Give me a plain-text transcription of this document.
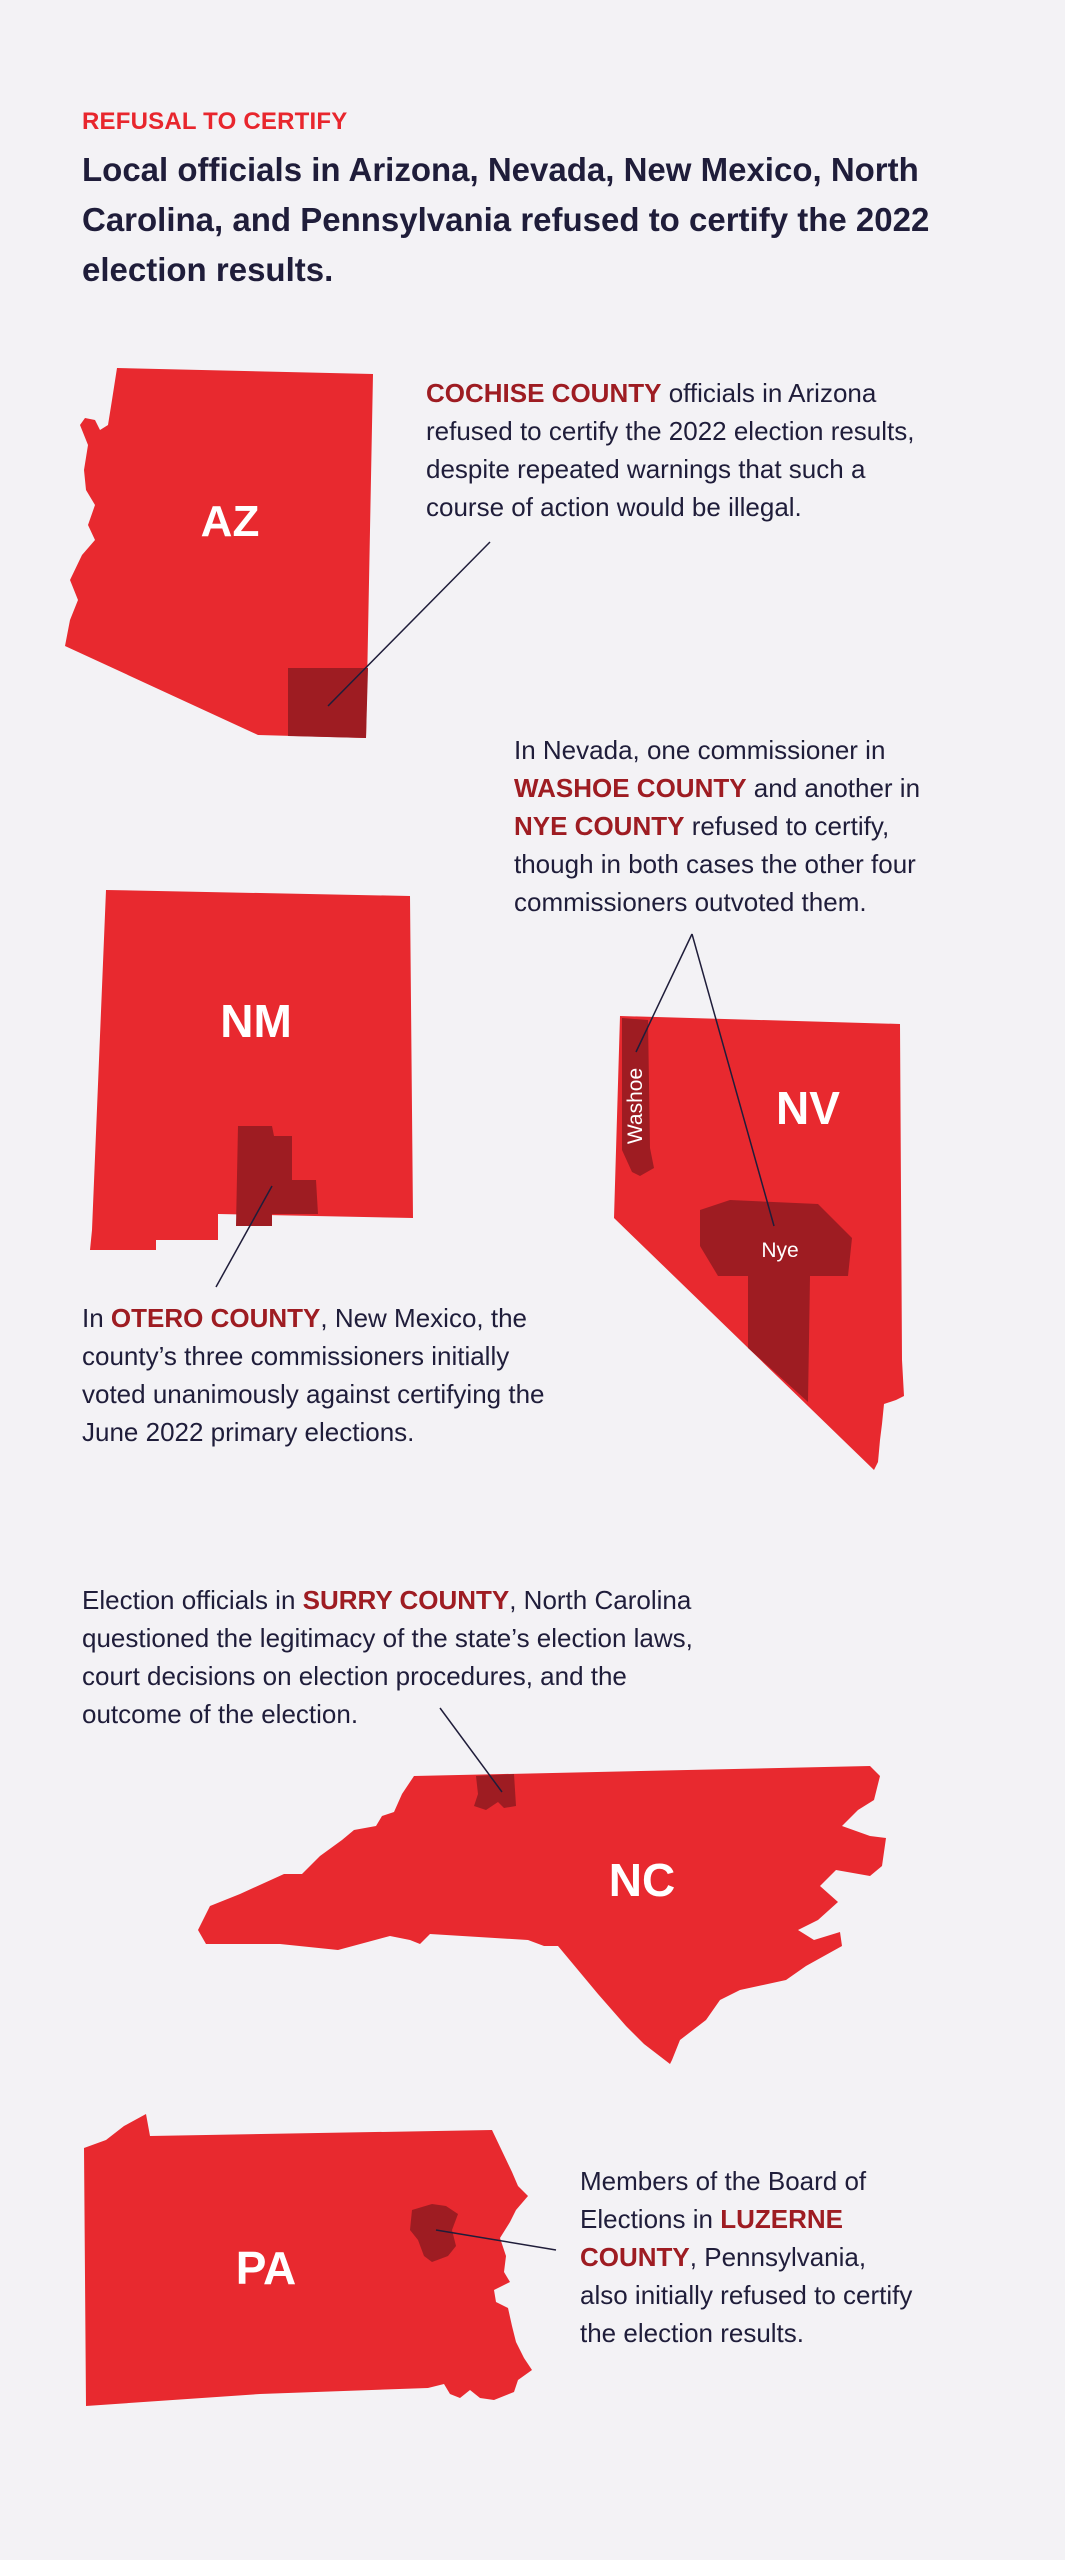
REFUSAL TO CERTIFY
Local officials in Arizona, Nevada, New Mexico, North Carolina, and Pennsylvania refused to certify the 2022 election results.
AZ
NM
NV
Washoe
Nye
NC
PA

COCHISE COUNTY officials in Arizona refused to certify the 2022 election results, despite repeated warnings that such a course of action would be illegal.

In Nevada, one commissioner in WASHOE COUNTY and another in NYE COUNTY refused to certify, though in both cases the other four commissioners outvoted them.

In OTERO COUNTY, New Mexico, the county’s three commissioners initially voted unanimously against certifying the June 2022 primary elections.

Election officials in SURRY COUNTY, North Carolina questioned the legitimacy of the state’s election laws, court decisions on election procedures, and the outcome of the election.

Members of the Board of Elections in LUZERNE COUNTY, Pennsylvania, also initially refused to certify the election results.
